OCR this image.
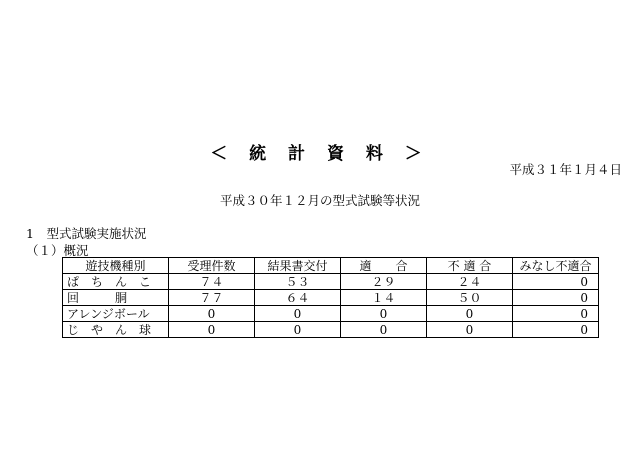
＜ 統 計 資 料 ＞
平成３１年１月４日
平成３０年１２月の型式試験等状況
1　型式試験実施状況
（１）概況
遊技機種別	受理件数	結果書交付	適　　合	不 適 合	みなし不適合
ぱ　ち　ん　こ	７４	５３	２９	２４	0
回　　　胴	７７	６４	１４	５０	0
アレンジボール	0	0	0	0	0
じ　や　ん　球	0	0	0	0	0
